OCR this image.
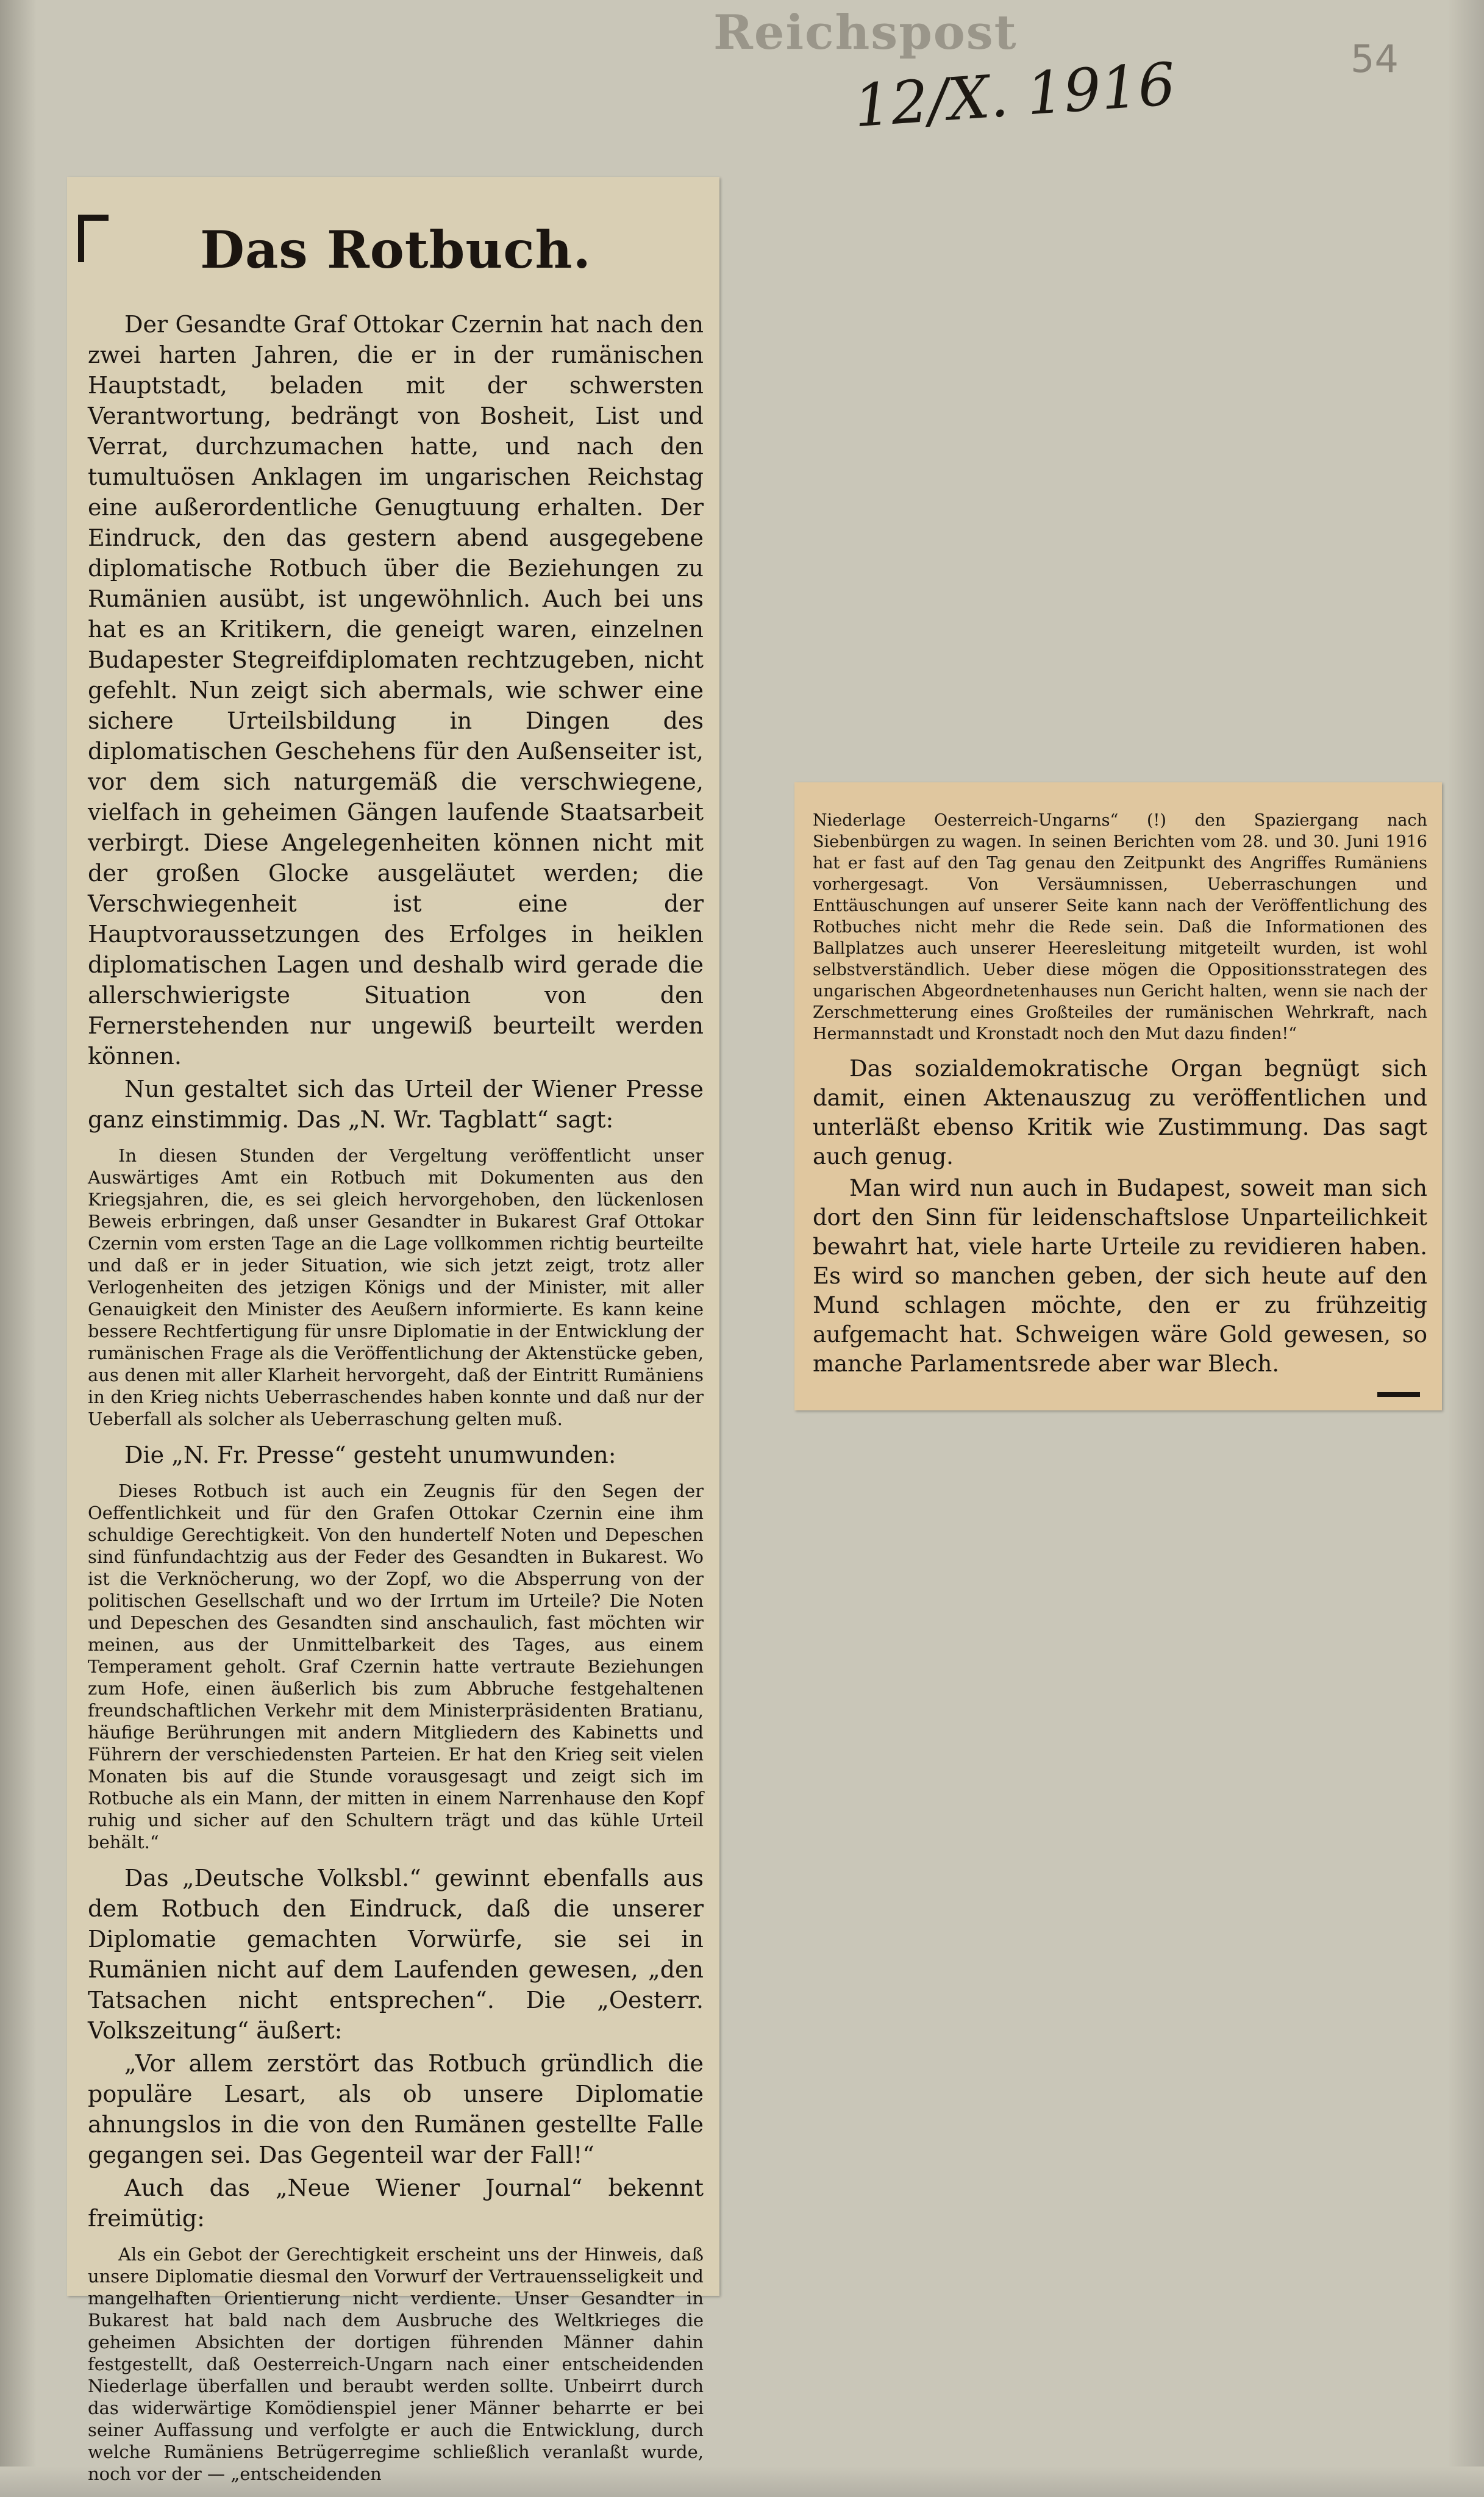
Reichspost
12/X. 1916	54
Das Rotbuch.

Der Gesandte Graf Ottokar Czernin hat nach den zwei harten Jahren, die er in der rumänischen Hauptstadt, beladen mit der schwersten Verantwortung, bedrängt von Bosheit, List und Verrat, durchzumachen hatte, und nach den tumultuösen Anklagen im ungarischen Reichstag eine außerordentliche Genugtuung erhalten. Der Eindruck, den das gestern abend ausgegebene diplomatische Rotbuch über die Beziehungen zu Rumänien ausübt, ist ungewöhnlich. Auch bei uns hat es an Kritikern, die geneigt waren, einzelnen Budapester Stegreifdiplomaten rechtzugeben, nicht gefehlt. Nun zeigt sich abermals, wie schwer eine sichere Urteilsbildung in Dingen des diplomatischen Geschehens für den Außenseiter ist, vor dem sich naturgemäß die verschwiegene, vielfach in geheimen Gängen laufende Staatsarbeit verbirgt. Diese Angelegenheiten können nicht mit der großen Glocke ausgeläutet werden; die Verschwiegenheit ist eine der Hauptvoraussetzungen des Erfolges in heiklen diplomatischen Lagen und deshalb wird gerade die allerschwierigste Situation von den Fernerstehenden nur ungewiß beurteilt werden können.

Nun gestaltet sich das Urteil der Wiener Presse ganz einstimmig. Das „N. Wr. Tagblatt“ sagt:

In diesen Stunden der Vergeltung veröffentlicht unser Auswärtiges Amt ein Rotbuch mit Dokumenten aus den Kriegsjahren, die, es sei gleich hervorgehoben, den lückenlosen Beweis erbringen, daß unser Gesandter in Bukarest Graf Ottokar Czernin vom ersten Tage an die Lage vollkommen richtig beurteilte und daß er in jeder Situation, wie sich jetzt zeigt, trotz aller Verlogenheiten des jetzigen Königs und der Minister, mit aller Genauigkeit den Minister des Aeußern informierte. Es kann keine bessere Rechtfertigung für unsre Diplomatie in der Entwicklung der rumänischen Frage als die Veröffentlichung der Aktenstücke geben, aus denen mit aller Klarheit hervorgeht, daß der Eintritt Rumäniens in den Krieg nichts Ueberraschendes haben konnte und daß nur der Ueberfall als solcher als Ueberraschung gelten muß.

Die „N. Fr. Presse“ gesteht unumwunden:

Dieses Rotbuch ist auch ein Zeugnis für den Segen der Oeffentlichkeit und für den Grafen Ottokar Czernin eine ihm schuldige Gerechtigkeit. Von den hundertelf Noten und Depeschen sind fünfundachtzig aus der Feder des Gesandten in Bukarest. Wo ist die Verknöcherung, wo der Zopf, wo die Absperrung von der politischen Gesellschaft und wo der Irrtum im Urteile? Die Noten und Depeschen des Gesandten sind anschaulich, fast möchten wir meinen, aus der Unmittelbarkeit des Tages, aus einem Temperament geholt. Graf Czernin hatte vertraute Beziehungen zum Hofe, einen äußerlich bis zum Abbruche festgehaltenen freundschaftlichen Verkehr mit dem Ministerpräsidenten Bratianu, häufige Berührungen mit andern Mitgliedern des Kabinetts und Führern der verschiedensten Parteien. Er hat den Krieg seit vielen Monaten bis auf die Stunde vorausgesagt und zeigt sich im Rotbuche als ein Mann, der mitten in einem Narrenhause den Kopf ruhig und sicher auf den Schultern trägt und das kühle Urteil behält.“

Das „Deutsche Volksbl.“ gewinnt ebenfalls aus dem Rotbuch den Eindruck, daß die unserer Diplomatie gemachten Vorwürfe, sie sei in Rumänien nicht auf dem Laufenden gewesen, „den Tatsachen nicht entsprechen“. Die „Oesterr. Volkszeitung“ äußert:

„Vor allem zerstört das Rotbuch gründlich die populäre Lesart, als ob unsere Diplomatie ahnungslos in die von den Rumänen gestellte Falle gegangen sei. Das Gegenteil war der Fall!“

Auch das „Neue Wiener Journal“ bekennt freimütig:

Als ein Gebot der Gerechtigkeit erscheint uns der Hinweis, daß unsere Diplomatie diesmal den Vorwurf der Vertrauensseligkeit und mangelhaften Orientierung nicht verdiente. Unser Gesandter in Bukarest hat bald nach dem Ausbruche des Weltkrieges die geheimen Absichten der dortigen führenden Männer dahin festgestellt, daß Oesterreich-Ungarn nach einer entscheidenden Niederlage überfallen und beraubt werden sollte. Unbeirrt durch das widerwärtige Komödienspiel jener Männer beharrte er bei seiner Auffassung und verfolgte er auch die Entwicklung, durch welche Rumäniens Betrügerregime schließlich veranlaßt wurde, noch vor der — „entscheidenden

Niederlage Oesterreich-Ungarns“ (!) den Spaziergang nach Siebenbürgen zu wagen. In seinen Berichten vom 28. und 30. Juni 1916 hat er fast auf den Tag genau den Zeitpunkt des Angriffes Rumäniens vorhergesagt. Von Versäumnissen, Ueberraschungen und Enttäuschungen auf unserer Seite kann nach der Veröffentlichung des Rotbuches nicht mehr die Rede sein. Daß die Informationen des Ballplatzes auch unserer Heeresleitung mitgeteilt wurden, ist wohl selbstverständlich. Ueber diese mögen die Oppositionsstrategen des ungarischen Abgeordnetenhauses nun Gericht halten, wenn sie nach der Zerschmetterung eines Großteiles der rumänischen Wehrkraft, nach Hermannstadt und Kronstadt noch den Mut dazu finden!“

Das sozialdemokratische Organ begnügt sich damit, einen Aktenauszug zu veröffentlichen und unterläßt ebenso Kritik wie Zustimmung. Das sagt auch genug.

Man wird nun auch in Budapest, soweit man sich dort den Sinn für leidenschaftslose Unparteilichkeit bewahrt hat, viele harte Urteile zu revidieren haben. Es wird so manchen geben, der sich heute auf den Mund schlagen möchte, den er zu frühzeitig aufgemacht hat. Schweigen wäre Gold gewesen, so manche Parlamentsrede aber war Blech.
